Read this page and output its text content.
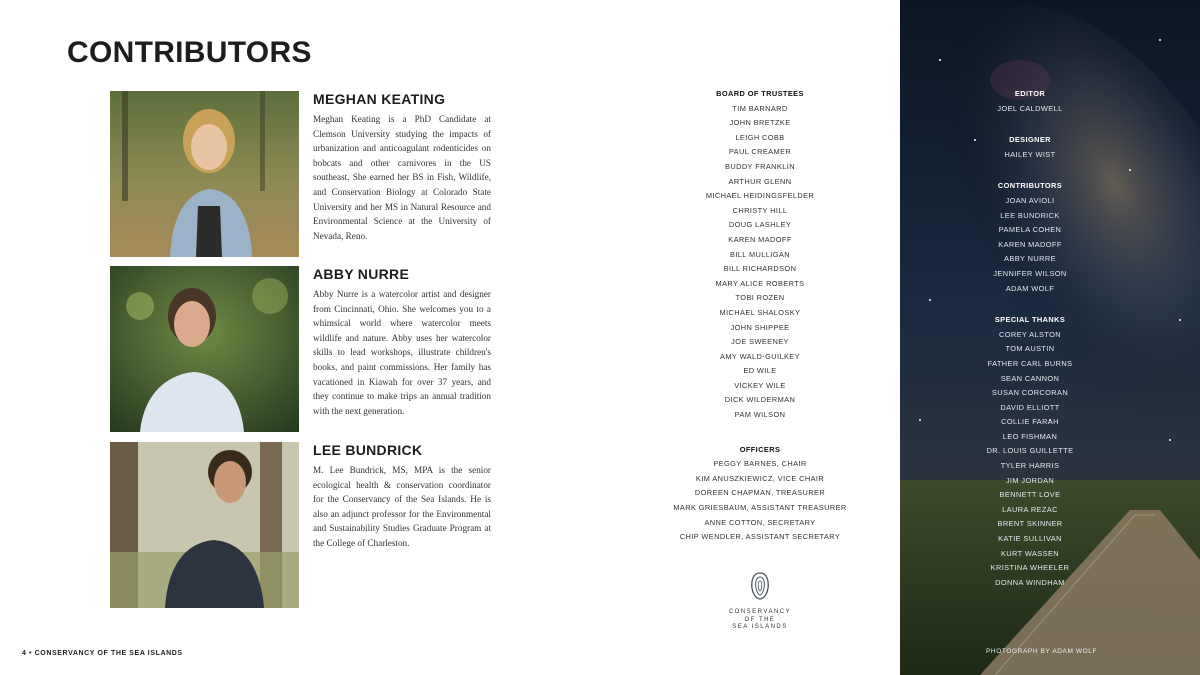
CONTRIBUTORS
MEGHAN KEATING
Meghan Keating is a PhD Candidate at Clemson University studying the impacts of urbanization and anticoagulant rodenticides on bobcats and other carnivores in the US southeast. She earned her BS in Fish, Wildlife, and Conservation Biology at Colorado State University and her MS in Natural Resource and Environmental Science at the University of Nevada, Reno.
ABBY NURRE
Abby Nurre is a watercolor artist and designer from Cincinnati, Ohio. She welcomes you to a whimsical world where watercolor meets wildlife and nature. Abby uses her watercolor skills to lead workshops, illustrate children's books, and paint commissions. Her family has vacationed in Kiawah for over 37 years, and they continue to make trips an annual tradition with the next generation.
LEE BUNDRICK
M. Lee Bundrick, MS, MPA is the senior ecological health & conservation coordinator for the Conservancy of the Sea Islands. He is also an adjunct professor for the Environmental and Sustainability Studies Graduate Program at the College of Charleston.
BOARD OF TRUSTEES
TIM BARNARD
JOHN BRETZKE
LEIGH COBB
PAUL CREAMER
BUDDY FRANKLIN
ARTHUR GLENN
MICHAEL HEIDINGSFELDER
CHRISTY HILL
DOUG LASHLEY
KAREN MADOFF
BILL MULLIGAN
BILL RICHARDSON
MARY ALICE ROBERTS
TOBI ROZEN
MICHAEL SHALOSKY
JOHN SHIPPEE
JOE SWEENEY
AMY WALD-GUILKEY
ED WILE
VICKEY WILE
DICK WILDERMAN
PAM WILSON
OFFICERS
PEGGY BARNES, CHAIR
KIM ANUSZKIEWICZ, VICE CHAIR
DOREEN CHAPMAN, TREASURER
MARK GRIESBAUM, ASSISTANT TREASURER
ANNE COTTON, SECRETARY
CHIP WENDLER, ASSISTANT SECRETARY
CONSERVANCY
OF THE
SEA ISLANDS
EDITOR
JOEL CALDWELL
DESIGNER
HAILEY WIST
CONTRIBUTORS
JOAN AVIOLI
LEE BUNDRICK
PAMELA COHEN
KAREN MADOFF
ABBY NURRE
JENNIFER WILSON
ADAM WOLF
SPECIAL THANKS
COREY ALSTON
TOM AUSTIN
FATHER CARL BURNS
SEAN CANNON
SUSAN CORCORAN
DAVID ELLIOTT
COLLIE FARAH
LEO FISHMAN
DR. LOUIS GUILLETTE
TYLER HARRIS
JIM JORDAN
BENNETT LOVE
LAURA REZAC
BRENT SKINNER
KATIE SULLIVAN
KURT WASSEN
KRISTINA WHEELER
DONNA WINDHAM
4 • CONSERVANCY OF THE SEA ISLANDS	PHOTOGRAPH BY ADAM WOLF
